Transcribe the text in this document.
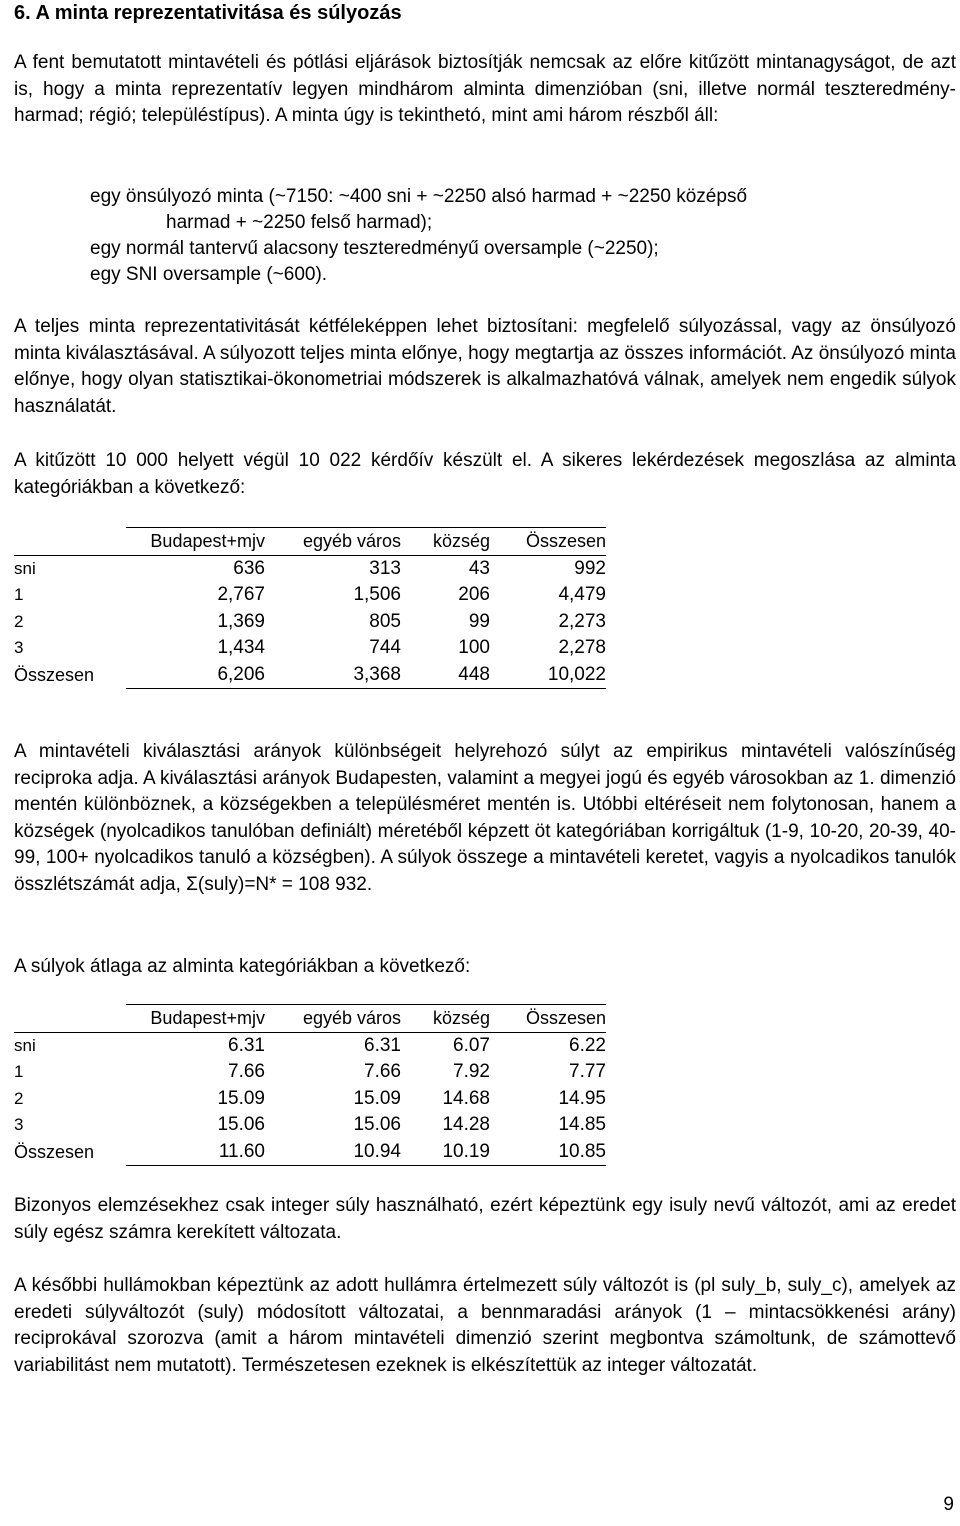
6. A minta reprezentativitása és súlyozás

A fent bemutatott mintavételi és pótlási eljárások biztosítják nemcsak az előre kitűzött mintanagyságot, de azt is, hogy a minta reprezentatív legyen mindhárom alminta dimenzióban (sni, illetve normál teszteredmény-harmad; régió; településtípus). A minta úgy is tekinthetó, mint ami három részből áll:

egy önsúlyozó minta (~7150: ~400 sni + ~2250 alsó harmad + ~2250 középső
harmad + ~2250 felső harmad);
egy normál tantervű alacsony teszteredményű oversample (~2250);
egy SNI oversample (~600).

A teljes minta reprezentativitását kétféleképpen lehet biztosítani: megfelelő súlyozással, vagy az önsúlyozó minta kiválasztásával. A súlyozott teljes minta előnye, hogy megtartja az összes információt. Az önsúlyozó minta előnye, hogy olyan statisztikai-ökonometriai módszerek is alkalmazhatóvá válnak, amelyek nem engedik súlyok használatát.

A kitűzött 10 000 helyett végül 10 022 kérdőív készült el. A sikeres lekérdezések megoszlása az alminta kategóriákban a következő:

	Budapest+mjv	egyéb város	község	Összesen
sni	636	313	43	992
1	2,767	1,506	206	4,479
2	1,369	805	99	2,273
3	1,434	744	100	2,278
Összesen	6,206	3,368	448	10,022

A mintavételi kiválasztási arányok különbségeit helyrehozó súlyt az empirikus mintavételi valószínűség reciproka adja. A kiválasztási arányok Budapesten, valamint a megyei jogú és egyéb városokban az 1. dimenzió mentén különböznek, a községekben a településméret mentén is. Utóbbi eltéréseit nem folytonosan, hanem a községek (nyolcadikos tanulóban definiált) méretéből képzett öt kategóriában korrigáltuk (1-9, 10-20, 20-39, 40-99, 100+ nyolcadikos tanuló a községben). A súlyok összege a mintavételi keretet, vagyis a nyolcadikos tanulók összlétszámát adja, Σ(suly)=N* = 108 932.

A súlyok átlaga az alminta kategóriákban a következő:

	Budapest+mjv	egyéb város	község	Összesen
sni	6.31	6.31	6.07	6.22
1	7.66	7.66	7.92	7.77
2	15.09	15.09	14.68	14.95
3	15.06	15.06	14.28	14.85
Összesen	11.60	10.94	10.19	10.85

Bizonyos elemzésekhez csak integer súly használható, ezért képeztünk egy isuly nevű változót, ami az eredet súly egész számra kerekített változata.

A későbbi hullámokban képeztünk az adott hullámra értelmezett súly változót is (pl suly_b, suly_c), amelyek az eredeti súlyváltozót (suly) módosított változatai, a bennmaradási arányok (1 – mintacsökkenési arány) reciprokával szorozva (amit a három mintavételi dimenzió szerint megbontva számoltunk, de számottevő variabilitást nem mutatott). Természetesen ezeknek is elkészítettük az integer változatát.

9
